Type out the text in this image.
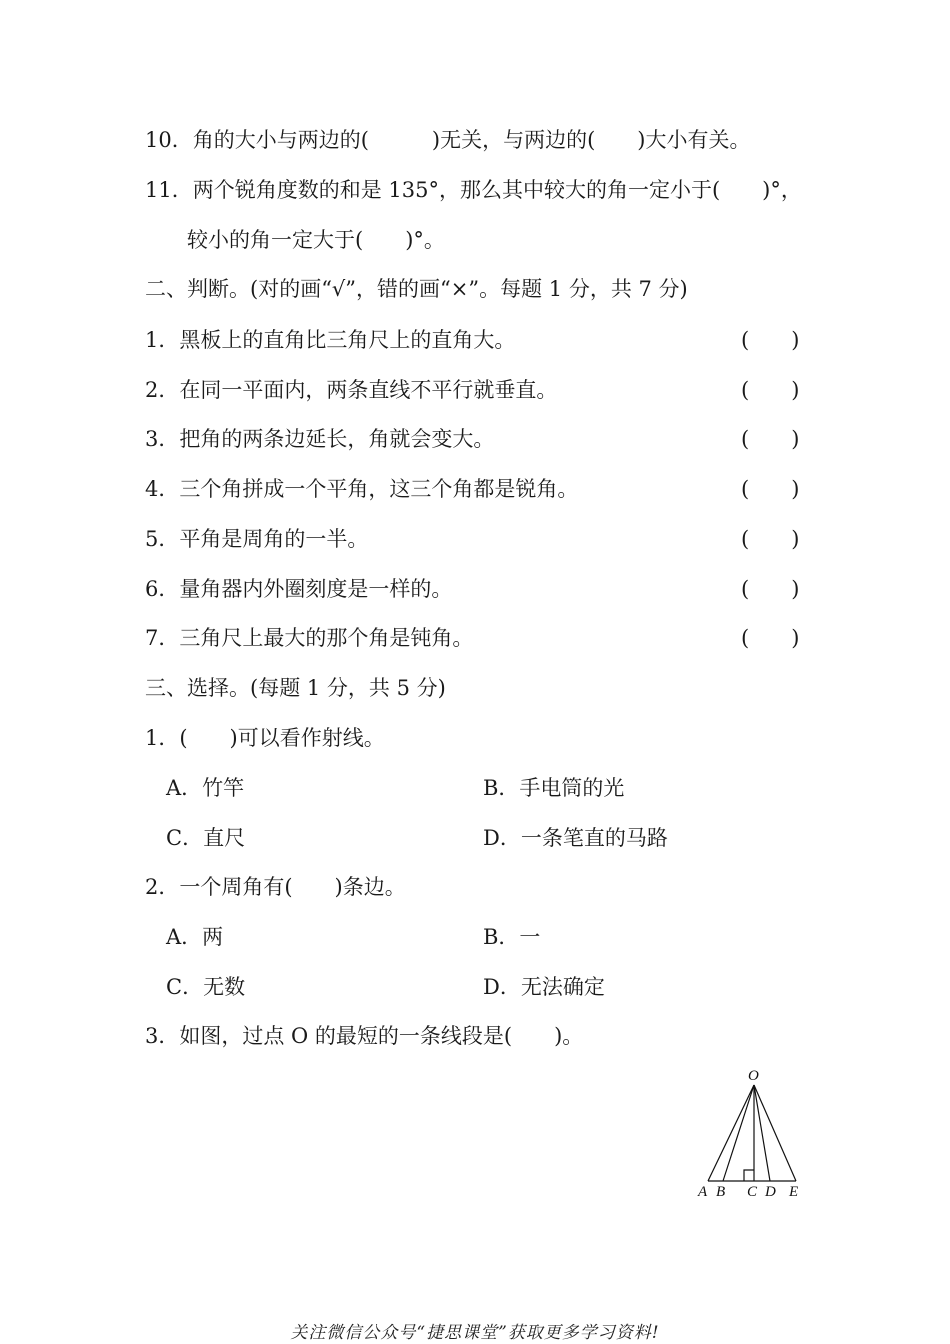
10．角的大小与两边的(　　　)无关，与两边的(　　)大小有关。
11．两个锐角度数的和是 135°，那么其中较大的角一定小于(　　)°，
　　较小的角一定大于(　　)°。
二、判断。(对的画“√”，错的画“×”。每题 1 分，共 7 分)
1．黑板上的直角比三角尺上的直角大。	(　　)
2．在同一平面内，两条直线不平行就垂直。	(　　)
3．把角的两条边延长，角就会变大。	(　　)
4．三个角拼成一个平角，这三个角都是锐角。	(　　)
5．平角是周角的一半。	(　　)
6．量角器内外圈刻度是一样的。	(　　)
7．三角尺上最大的那个角是钝角。	(　　)
三、选择。(每题 1 分，共 5 分)
1．(　　)可以看作射线。
A．竹竿	B．手电筒的光
C．直尺	D．一条笔直的马路
2．一个周角有(　　)条边。
A．两	B．一
C．无数	D．无法确定
3．如图，过点 O 的最短的一条线段是(　　)。
O
A B C D E
关注微信公众号“捷思课堂”获取更多学习资料!
